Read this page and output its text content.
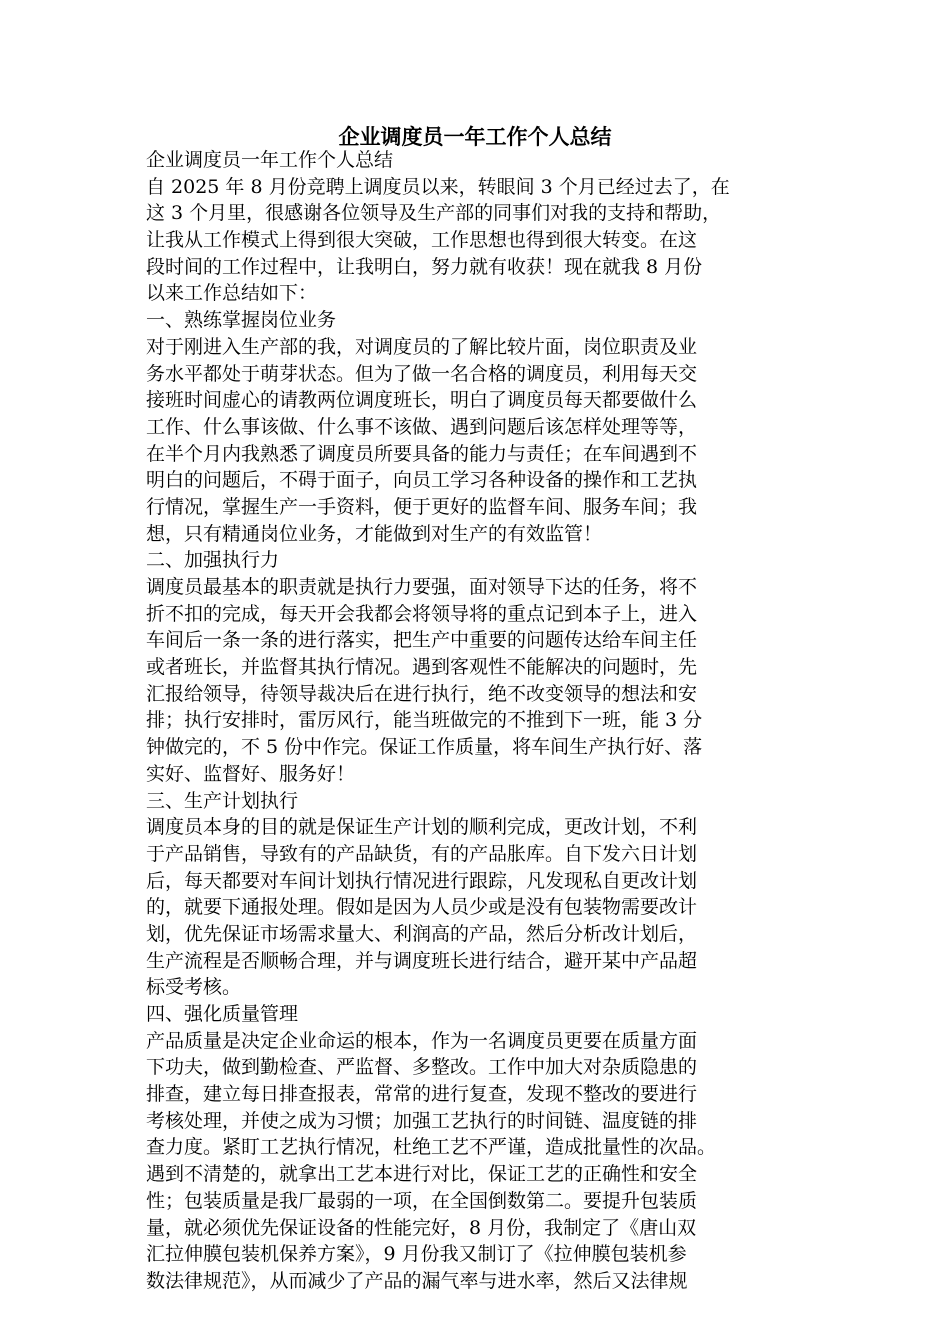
企业调度员一年工作个人总结
企业调度员一年工作个人总结
自 2025 年 8 月份竞聘上调度员以来，转眼间 3 个月已经过去了，在
这 3 个月里，很感谢各位领导及生产部的同事们对我的支持和帮助，
让我从工作模式上得到很大突破，工作思想也得到很大转变。在这
段时间的工作过程中，让我明白，努力就有收获！现在就我 8 月份
以来工作总结如下：
一、熟练掌握岗位业务
对于刚进入生产部的我，对调度员的了解比较片面，岗位职责及业
务水平都处于萌芽状态。但为了做一名合格的调度员，利用每天交
接班时间虚心的请教两位调度班长，明白了调度员每天都要做什么
工作、什么事该做、什么事不该做、遇到问题后该怎样处理等等，
在半个月内我熟悉了调度员所要具备的能力与责任；在车间遇到不
明白的问题后，不碍于面子，向员工学习各种设备的操作和工艺执
行情况，掌握生产一手资料，便于更好的监督车间、服务车间；我
想，只有精通岗位业务，才能做到对生产的有效监管！
二、加强执行力
调度员最基本的职责就是执行力要强，面对领导下达的任务，将不
折不扣的完成，每天开会我都会将领导将的重点记到本子上，进入
车间后一条一条的进行落实，把生产中重要的问题传达给车间主任
或者班长，并监督其执行情况。遇到客观性不能解决的问题时，先
汇报给领导，待领导裁决后在进行执行，绝不改变领导的想法和安
排；执行安排时，雷厉风行，能当班做完的不推到下一班，能 3 分
钟做完的，不 5 份中作完。保证工作质量，将车间生产执行好、落
实好、监督好、服务好！
三、生产计划执行
调度员本身的目的就是保证生产计划的顺利完成，更改计划，不利
于产品销售，导致有的产品缺货，有的产品胀库。自下发六日计划
后，每天都要对车间计划执行情况进行跟踪，凡发现私自更改计划
的，就要下通报处理。假如是因为人员少或是没有包装物需要改计
划，优先保证市场需求量大、利润高的产品，然后分析改计划后，
生产流程是否顺畅合理，并与调度班长进行结合，避开某中产品超
标受考核。
四、强化质量管理
产品质量是决定企业命运的根本，作为一名调度员更要在质量方面
下功夫，做到勤检查、严监督、多整改。工作中加大对杂质隐患的
排查，建立每日排查报表，常常的进行复查，发现不整改的要进行
考核处理，并使之成为习惯；加强工艺执行的时间链、温度链的排
查力度。紧盯工艺执行情况，杜绝工艺不严谨，造成批量性的次品。
遇到不清楚的，就拿出工艺本进行对比，保证工艺的正确性和安全
性；包装质量是我厂最弱的一项，在全国倒数第二。要提升包装质
量，就必须优先保证设备的性能完好，8 月份，我制定了《唐山双
汇拉伸膜包装机保养方案》，9 月份我又制订了《拉伸膜包装机参
数法律规范》，从而减少了产品的漏气率与进水率，然后又法律规
